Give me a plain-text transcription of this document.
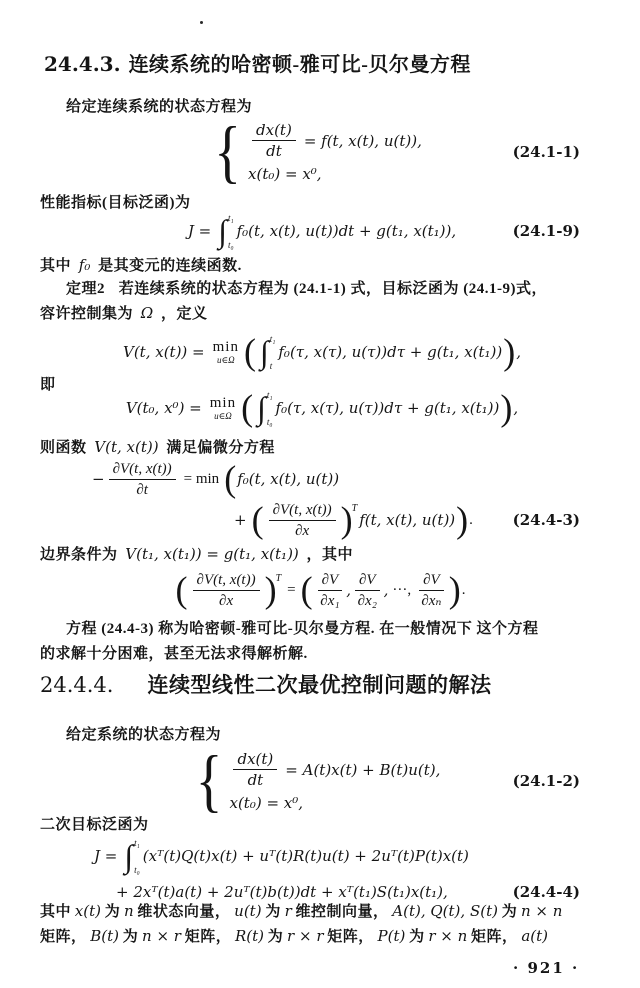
24.4.3. 连续系统的哈密顿-雅可比-贝尔曼方程
给定连续系统的状态方程为
{ $\frac{dx(t)}{dt} = f(t$, x(t), u(t)),
x(t₀) = x⁰,
(24.1-1)
性能指标(目标泛函)为
J = ∫ t₁
t₀
f₀(t, x(t), u(t))dt + g(t₁, x(t₁)),	(24.1-9)
其中 f₀ 是其变元的连续函数.
定理2 若连续系统的状态方程为 (24.1-1) 式，目标泛函为 (24.1-9)式，
容许控制集为 Ω ，定义
V(t, x(t)) = min
u∈Ω ( ∫ t₁
t
f₀(τ, x(τ), u(τ))dτ + g(t₁, x(t₁)) ) ,
即
V(t₀, x⁰) = min
u∈Ω ( ∫ t₁
t₀
f₀(τ, x(τ), u(τ))dτ + g(t₁, x(t₁)) ) ,
则函数 V(t, x(t)) 满足偏微分方程
− $\frac{\partial V(t, x(t))}{\partial t} = \min$ ( f₀(t, x(t), u(t))
+ ( $\frac{\partial V(t, x(t))}{\partial x}$ ) T
f(t, x(t), u(t)) ) .	(24.4-3)
边界条件为 V(t₁, x(t₁)) = g(t₁, x(t₁)) ，其中
( $\frac{\partial V(t, x(t))}{\partial x}$ ) T
= ( $\frac{\partial V}{\text{∂x₁}}$ , $\frac{\partial V}{\text{∂x₂}}$ , ···, $\frac{\partial V}{\text{∂xₙ}}$ ) .
方程 (24.4-3) 称为哈密顿-雅可比-贝尔曼方程. 在一般情况下 这个方程
的求解十分困难，甚至无法求得解析解.
24.4.4. 连续型线性二次最优控制问题的解法
给定系统的状态方程为
{ $\frac{dx(t)}{dt} = A(t)x(t) + B(t)u(t)$,
x(t₀) = x⁰,
(24.1-2)
二次目标泛函为
J = ∫ t₁
t₀
(xᵀ(t)Q(t)x(t) + uᵀ(t)R(t)u(t) + 2uᵀ(t)P(t)x(t)
+ 2xᵀ(t)a(t) + 2uᵀ(t)b(t))dt + xᵀ(t₁)S(t₁)x(t₁),	(24.4-4)
其中 x(t) 为 n 维状态向量， u(t) 为 r 维控制向量， A(t), Q(t), S(t) 为 n × n
矩阵， B(t) 为 n × r 矩阵， R(t) 为 r × r 矩阵， P(t) 为 r × n 矩阵， a(t)
· 921 ·
